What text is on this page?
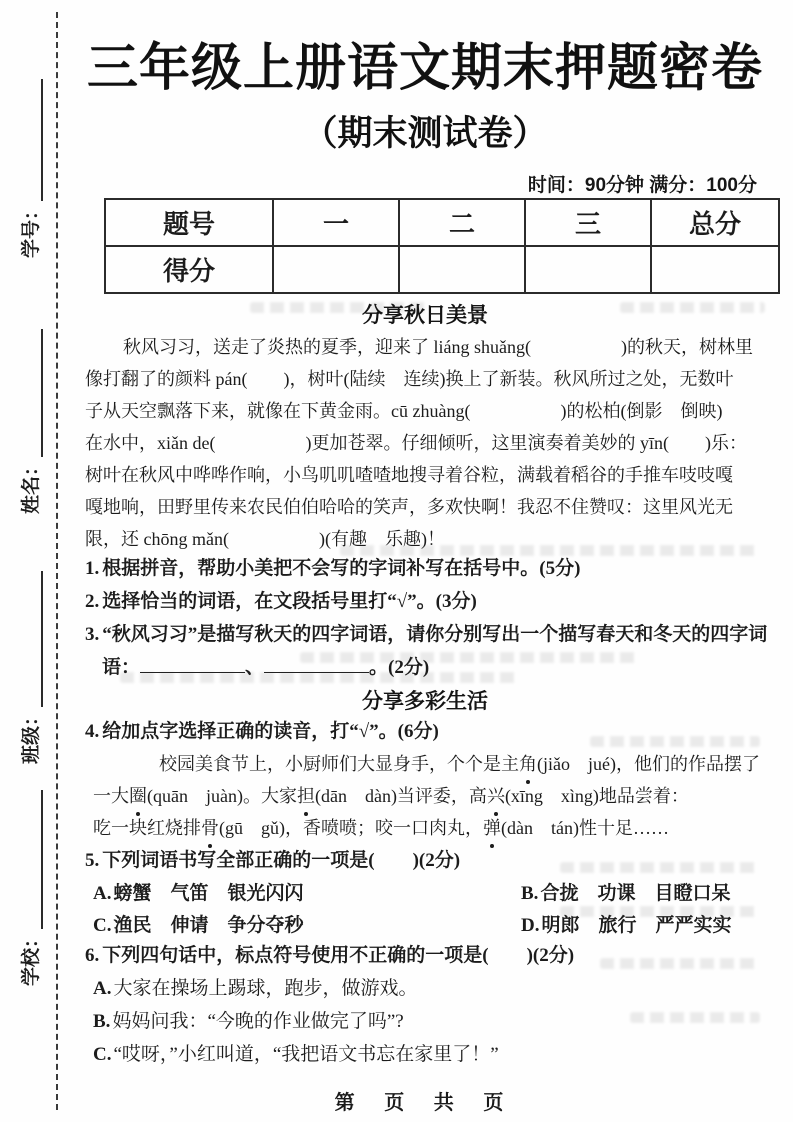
学号：
姓名：
班级：
学校：
三年级上册语文期末押题密卷
（期末测试卷）
时间：90分钟 满分：100分
题号	一	二	三	总分
得分				
分享秋日美景
秋风习习，送走了炎热的夏季，迎来了 liáng shuǎng(　　　　　)的秋天，树林里
像打翻了的颜料 pán(　　)，树叶(陆续　连续)换上了新装。秋风所过之处，无数叶
子从天空飘落下来，就像在下黄金雨。cū zhuàng(　　　　　)的松柏(倒影　倒映)
在水中，xiǎn de(　　　　　)更加苍翠。仔细倾听，这里演奏着美妙的 yīn(　　)乐：
树叶在秋风中哗哗作响，小鸟叽叽喳喳地搜寻着谷粒，满载着稻谷的手推车吱吱嘎
嘎地响，田野里传来农民伯伯哈哈的笑声，多欢快啊！我忍不住赞叹：这里风光无
限，还 chōng mǎn(　　　　　)(有趣　乐趣)！
1. 根据拼音，帮助小美把不会写的字词补写在括号中。(5分)
2. 选择恰当的词语，在文段括号里打“√”。(3分)
3. “秋风习习”是描写秋天的四字词语，请你分别写出一个描写春天和冬天的四字词
语：	、	。(2分)
分享多彩生活
4. 给加点字选择正确的读音，打“√”。(6分)
校园美食节上，小厨师们大显身手，个个是主角(jiǎo　jué)，他们的作品摆了
一大圈(quān　juàn)。大家担(dān　dàn)当评委，高兴(xīng　xìng)地品尝着：
吃一块红烧排骨(gū　gǔ)，香喷喷；咬一口肉丸，弹(dàn　tán)性十足……
5. 下列词语书写全部正确的一项是(　　)(2分)
A. 螃蟹　气笛　银光闪闪	B. 合拢　功课　目瞪口呆
C. 渔民　伸请　争分夺秒	D. 明郎　旅行　严严实实
6. 下列四句话中，标点符号使用不正确的一项是(　　)(2分)
A. 大家在操场上踢球，跑步，做游戏。
B. 妈妈问我：“今晚的作业做完了吗”?
C. “哎呀，”小红叫道，“我把语文书忘在家里了！”
第 页 共 页
